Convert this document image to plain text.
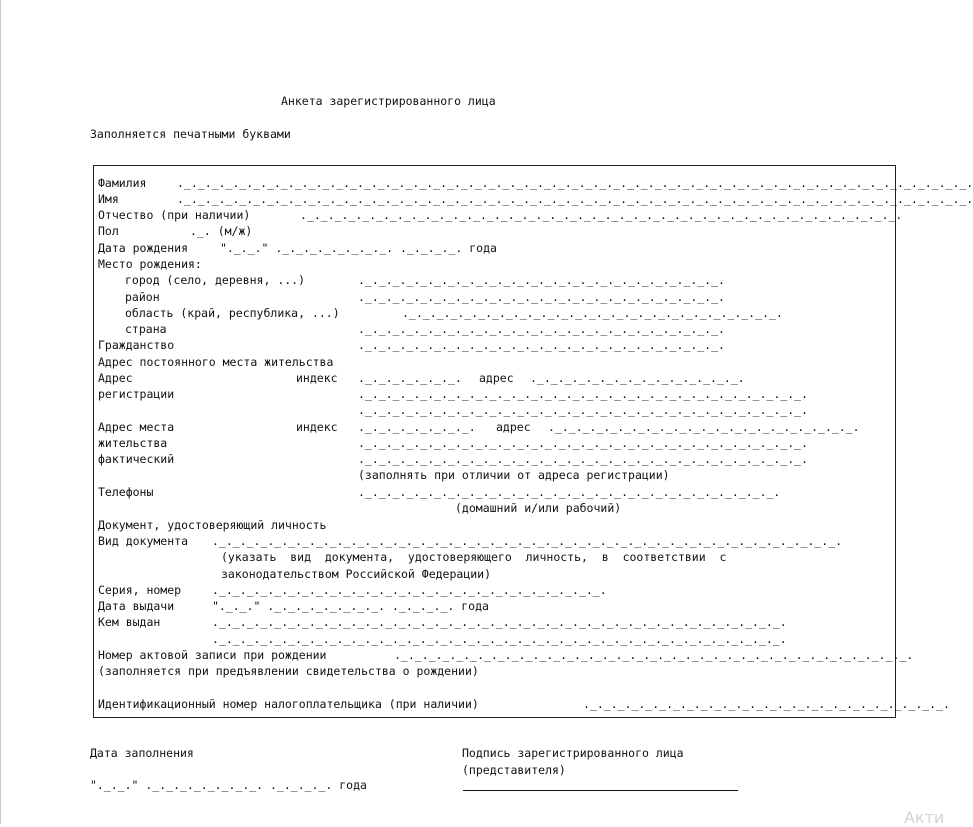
Анкета зарегистрированного лица
Заполняется печатными буквами
Фамилия	._._._._._._._._._._._._._._._._._._._._._._._._._._._._._._._._._._._._._._._._._._._._._._._._._._._._._._._._._.
Имя	._._._._._._._._._._._._._._._._._._._._._._._._._._._._._._._._._._._._._._._._._._._._._._._._._._._._._._._._._.
Отчество (при наличии)	._._._._._._._._._._._._._._._._._._._._._._._._._._._._._._._._._._._._._._._._._._._.
Пол	._. (м/ж)
Дата рождения	"._._." ._._._._._._._._. ._._._._. года
Место рождения:
город (село, деревня, ...)	._._._._._._._._._._._._._._._._._._._._._._._._._._.
район	._._._._._._._._._._._._._._._._._._._._._._._._._._.
область (край, республика, ...)	._._._._._._._._._._._._._._._._._._._._._._._._._._._.
страна	._._._._._._._._._._._._._._._._._._._._._._._._._._.
Гражданство	._._._._._._._._._._._._._._._._._._._._._._._._._._.
Адрес постоянного места жительства
Адрес	индекс ._._._._._._._. адрес ._._._._._._._._._._._._._._._.
регистрации	._._._._._._._._._._._._._._._._._._._._._._._._._._._._._._._._.
._._._._._._._._._._._._._._._._._._._._._._._._._._._._._._._._.
Адрес места	индекс ._._._._._._._._. адрес ._._._._._._._._._._._._._._._._._._._._._._.
жительства	._._._._._._._._._._._._._._._._._._._._._._._._._._._._._._._._.
фактический	._._._._._._._._._._._._._._._._._._._._._._._._._._._._._._._._.
(заполнять при отличии от адреса регистрации)
Телефоны	._._._._._._._._._._._._._._._._._._._._._._._._._._._._._._.
(домашний и/или рабочий)
Документ, удостоверяющий личность
Вид документа ._._._._._._._._._._._._._._._._._._._._._._._._._._._._._._._._._._._._._._._._._._._._._.
(указать  вид  документа,  удостоверяющего  личность,  в  соответствии  с
законодательством Российской Федерации)
Серия, номер	._._._._._._._._._._._._._._._._._._._._._._._._._._._._.
Дата выдачи	"._._." ._._._._._._._._. ._._._._. года
Кем выдан	._._._._._._._._._._._._._._._._._._._._._._._._._._._._._._._._._._._._._._._._._.
._._._._._._._._._._._._._._._._._._._._._._._._._._._._._._._._._._._._._._._._._.
Номер актовой записи при рождении	._._._._._._._._._._._._._._._._._._._._._._._._._._._._._._._._._._._._._.
(заполняется при предъявлении свидетельства о рождении)
Идентификационный номер налогоплательщика (при наличии)	._._._._._._._._._._._._._._._._._._._._._._._._._._.
Дата заполнения
"._._." ._._._._._._._._. ._._._._. года
Подпись зарегистрированного лица
(представителя)
Акти
